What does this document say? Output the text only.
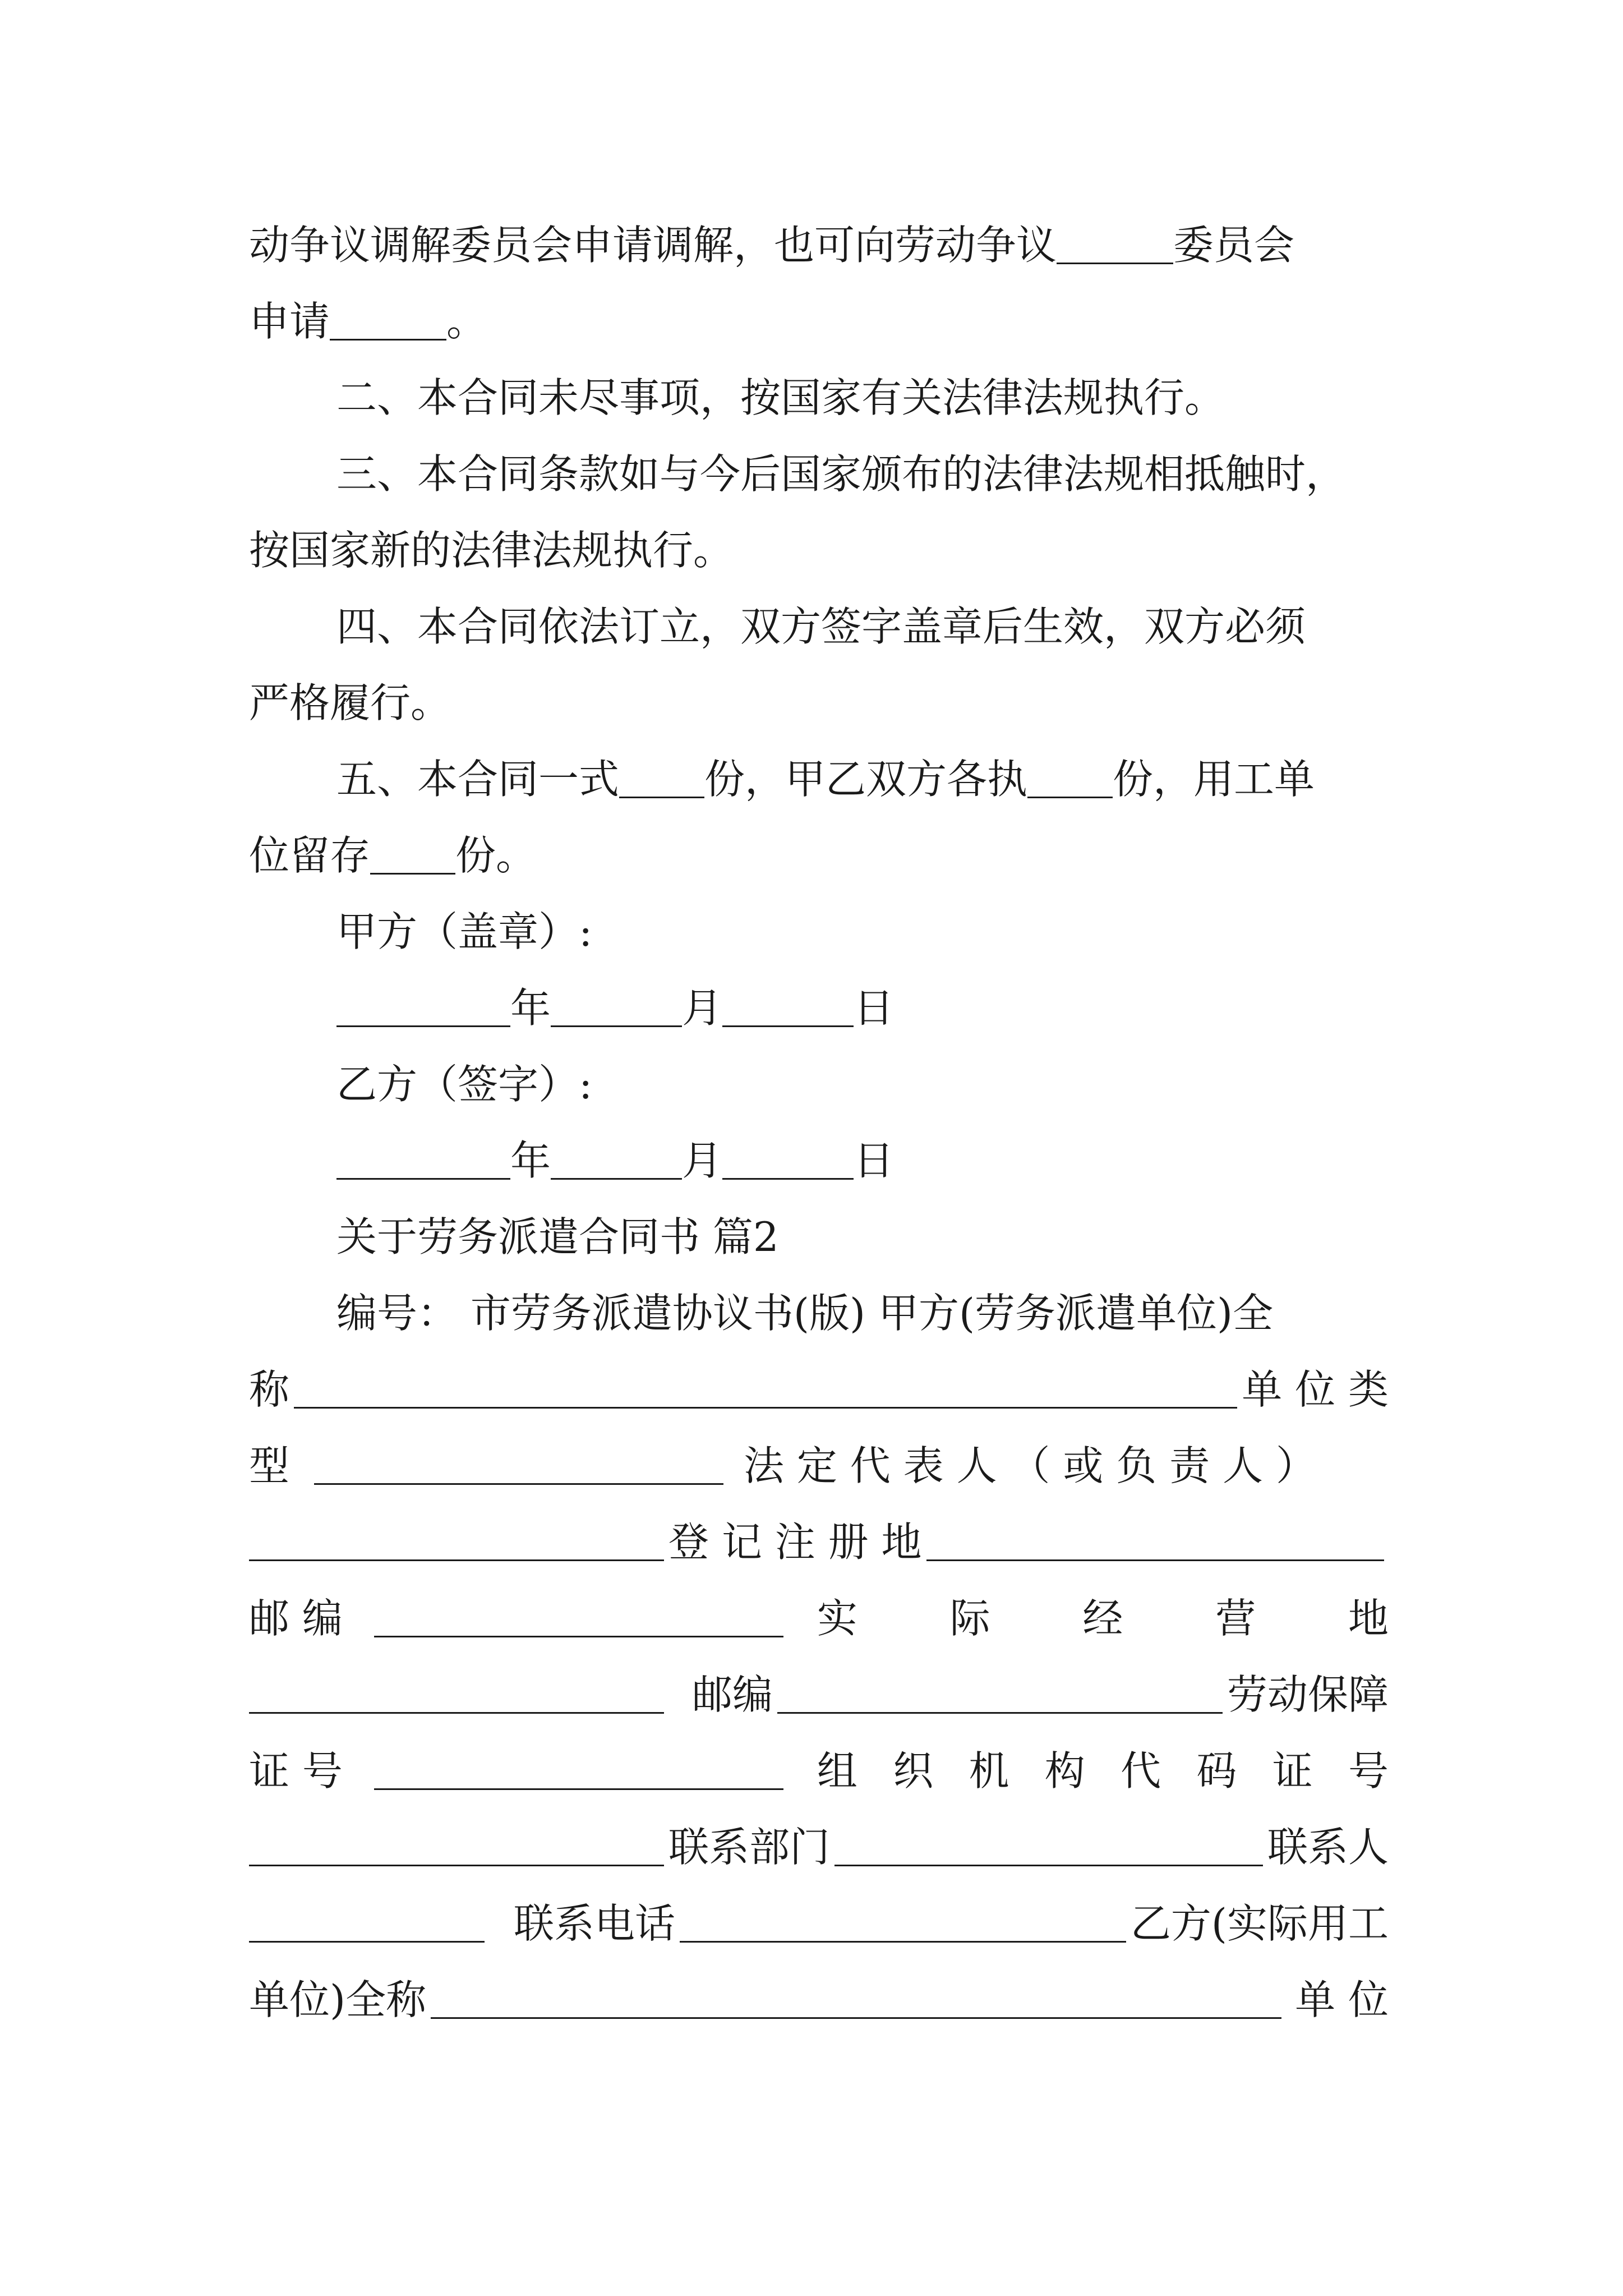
动争议调解委员会申请调解，也可向劳动争议	委员会
申请	。
二、本合同未尽事项，按国家有关法律法规执行。
三、本合同条款如与今后国家颁布的法律法规相抵触时，
按国家新的法律法规执行。
四、本合同依法订立，双方签字盖章后生效，双方必须
严格履行。
五、本合同一式 份，甲乙双方各执 份，用工单
位留存 份。
甲方（盖章）:
年	月	日
乙方（签字）:
年	月	日
关于劳务派遣合同书 篇2
编号： 市劳务派遣协议书(版) 甲方(劳务派遣单位)全
称	单 位 类
型	法 定 代 表 人 （ 或 负 责 人 ）
登 记 注 册 地
邮 编	实 际 经 营 地
邮编	劳动保障
证 号	组 织 机 构 代 码 证 号
联系部门	联系人
联系电话	乙方(实际用工
单位)全称	单 位
